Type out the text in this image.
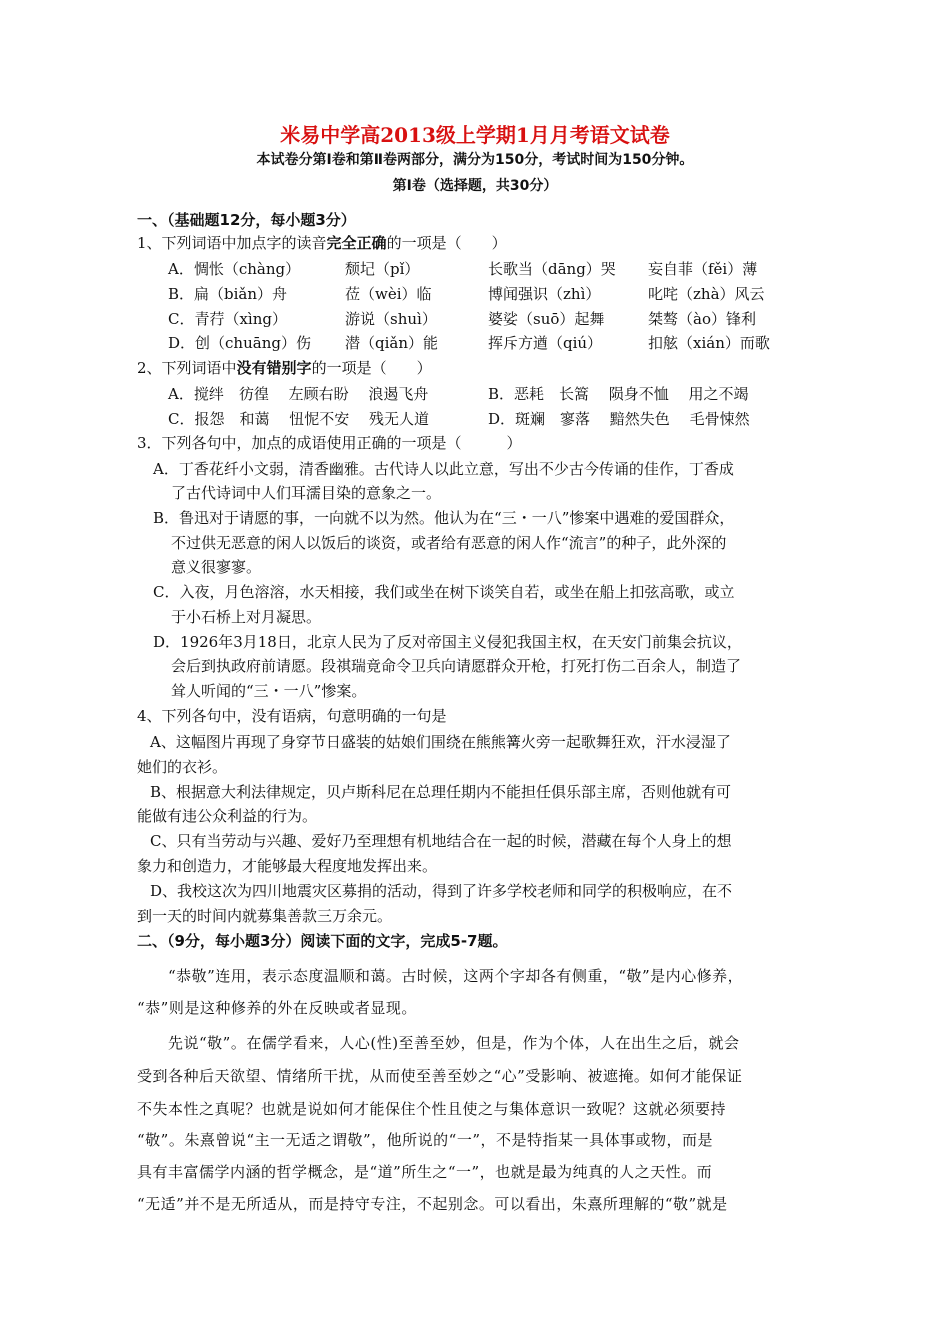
米易中学高2013级上学期1月月考语文试卷
本试卷分第Ⅰ卷和第Ⅱ卷两部分，满分为150分，考试时间为150分钟。
第Ⅰ卷（选择题，共30分）
一、（基础题12分，每小题3分）
1、下列词语中加点字的读音完全正确的一项是（　　）
A．惆怅（chàng）	颓圮（pǐ）	长歌当（dāng）哭 妄自菲（fěi）薄
B．扁（biǎn）舟	莅（wèi）临	博闻强识（zhì）	叱咤（zhà）风云
C．青荇（xìng）	游说（shuì）	婆娑（suō）起舞	桀骜（ào）锋利
D．创（chuāng）伤 潜（qiǎn）能	挥斥方遒（qiú）	扣舷（xián）而歌
2、下列词语中没有错别字的一项是（　　）
A．搅绊　彷徨　 左顾右盼　 浪遏飞舟	B．恶耗　长篙　 陨身不恤　 用之不竭
C．报怨　和蔼　 忸怩不安　 残无人道	D．斑斓　寥落　 黯然失色　 毛骨悚然
3．下列各句中，加点的成语使用正确的一项是（　　　）
A．丁香花纤小文弱，清香幽雅。古代诗人以此立意，写出不少古今传诵的佳作，丁香成
了古代诗词中人们耳濡目染的意象之一。
B．鲁迅对于请愿的事，一向就不以为然。他认为在“三・一八”惨案中遇难的爱国群众，
不过供无恶意的闲人以饭后的谈资，或者给有恶意的闲人作“流言”的种子，此外深的
意义很寥寥。
C．入夜，月色溶溶，水天相接，我们或坐在树下谈笑自若，或坐在船上扣弦高歌，或立
于小石桥上对月凝思。
D．1926年3月18日，北京人民为了反对帝国主义侵犯我国主权，在天安门前集会抗议，
会后到执政府前请愿。段祺瑞竟命令卫兵向请愿群众开枪，打死打伤二百余人，制造了
耸人听闻的“三・一八”惨案。
4、下列各句中，没有语病，句意明确的一句是
A、这幅图片再现了身穿节日盛装的姑娘们围绕在熊熊篝火旁一起歌舞狂欢，汗水浸湿了
她们的衣衫。
B、根据意大利法律规定，贝卢斯科尼在总理任期内不能担任俱乐部主席，否则他就有可
能做有违公众利益的行为。
C、只有当劳动与兴趣、爱好乃至理想有机地结合在一起的时候，潜藏在每个人身上的想
象力和创造力，才能够最大程度地发挥出来。
D、我校这次为四川地震灾区募捐的活动，得到了许多学校老师和同学的积极响应，在不
到一天的时间内就募集善款三万余元。
二、（9分，每小题3分）阅读下面的文字，完成5-7题。
“恭敬”连用，表示态度温顺和蔼。古时候，这两个字却各有侧重，“敬”是内心修养，
“恭”则是这种修养的外在反映或者显现。
先说“敬”。在儒学看来，人心(性)至善至妙，但是，作为个体，人在出生之后，就会
受到各种后天欲望、情绪所干扰，从而使至善至妙之“心”受影响、被遮掩。如何才能保证
不失本性之真呢？也就是说如何才能保住个性且使之与集体意识一致呢？这就必须要持
“敬”。朱熹曾说“主一无适之谓敬”，他所说的“一”，不是特指某一具体事或物，而是
具有丰富儒学内涵的哲学概念，是“道”所生之“一”，也就是最为纯真的人之天性。而
“无适”并不是无所适从，而是持守专注，不起别念。可以看出，朱熹所理解的“敬”就是
